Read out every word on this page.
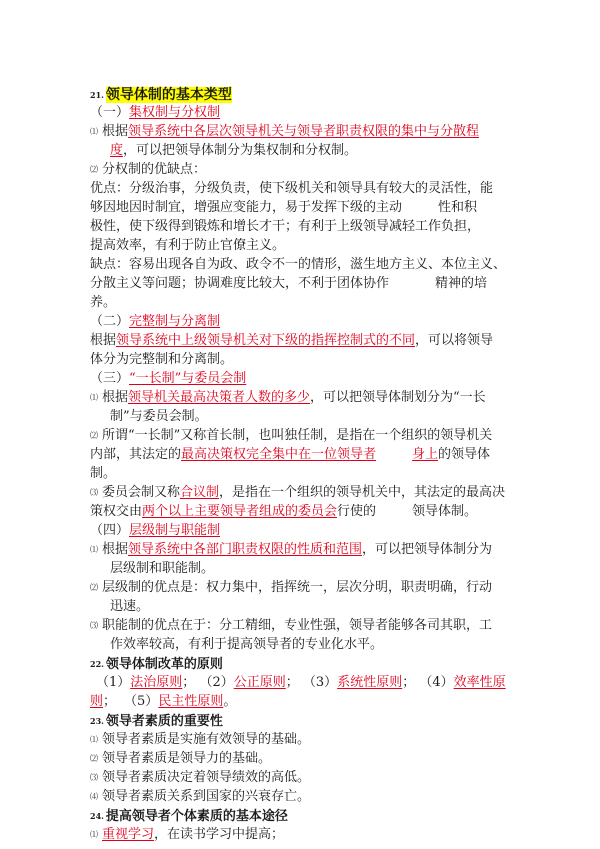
21. 领导体制的基本类型
（一）集权制与分权制
⑴ 根据领导系统中各层次领导机关与领导者职责权限的集中与分散程
度，可以把领导体制分为集权制和分权制。
⑵ 分权制的优缺点：
优点：分级治事，分级负责，使下级机关和领导具有较大的灵活性，能
够因地因时制宜，增强应变能力，易于发挥下级的主动	性和积
极性，使下级得到锻炼和增长才干；有利于上级领导减轻工作负担，
提高效率，有利于防止官僚主义。
缺点：容易出现各自为政、政令不一的情形，滋生地方主义、本位主义、
分散主义等问题；协调难度比较大，不利于团体协作	精神的培
养。
（二）完整制与分离制
根据领导系统中上级领导机关对下级的指挥控制式的不同，可以将领导
体分为完整制和分离制。
（三）“一长制”与委员会制
⑴ 根据领导机关最高决策者人数的多少，可以把领导体制划分为“一长
制”与委员会制。
⑵ 所谓“一长制”又称首长制，也叫独任制，是指在一个组织的领导机关
内部，其法定的最高决策权完全集中在一位领导者	身上的领导体
制。
⑶ 委员会制又称合议制，是指在一个组织的领导机关中，其法定的最高决
策权交由两个以上主要领导者组成的委员会行使的	领导体制。
（四）层级制与职能制
⑴ 根据领导系统中各部门职责权限的性质和范围，可以把领导体制分为
层级制和职能制。
⑵ 层级制的优点是：权力集中，指挥统一，层次分明，职责明确，行动
迅速。
⑶ 职能制的优点在于：分工精细，专业性强，领导者能够各司其职，工
作效率较高，有利于提高领导者的专业化水平。
22. 领导体制改革的原则
（1）法治原则； （2）公正原则； （3）系统性原则； （4）效率性原
则； （5）民主性原则。
23. 领导者素质的重要性
⑴ 领导者素质是实施有效领导的基础。
⑵ 领导者素质是领导力的基础。
⑶ 领导者素质决定着领导绩效的高低。
⑷ 领导者素质关系到国家的兴衰存亡。
24. 提高领导者个体素质的基本途径
⑴ 重视学习，在读书学习中提高；
